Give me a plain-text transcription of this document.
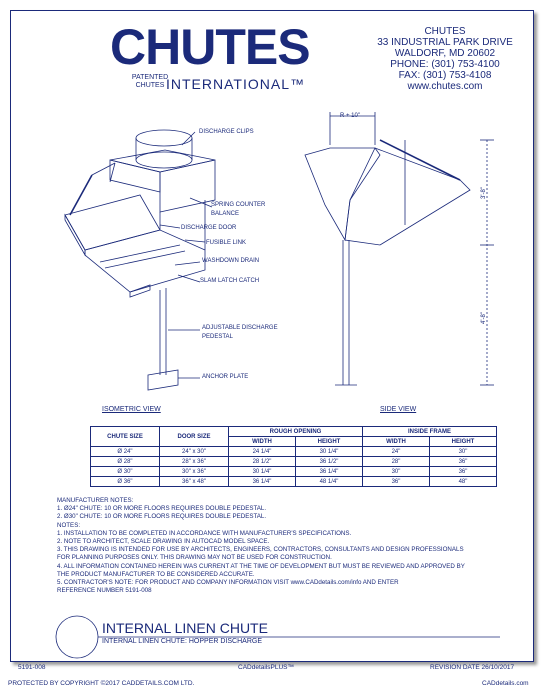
CHUTES
PATENTED
CHUTES INTERNATIONAL™
CHUTES
33 INDUSTRIAL PARK DRIVE
WALDORF, MD 20602
PHONE: (301) 753-4100
FAX: (301) 753-4108
www.chutes.com
DISCHARGE CLIPS
SPRING COUNTER
BALANCE
DISCHARGE DOOR
FUSIBLE LINK
WASHDOWN DRAIN
SLAM LATCH CATCH
ADJUSTABLE DISCHARGE
PEDESTAL
ANCHOR PLATE
R + 10"
3'-8"
4'-8"
ISOMETRIC VIEW	SIDE VIEW
CHUTE SIZE	DOOR SIZE	ROUGH OPENING		INSIDE FRAME	
		WIDTH	HEIGHT	WIDTH	HEIGHT
Ø 24"	24" x 30"	24 1/4"	30 1/4"	24"	30"
Ø 28"	28" x 36"	28 1/2"	36 1/2"	28"	36"
Ø 30"	30" x 36"	30 1/4"	36 1/4"	30"	36"
Ø 36"	36" x 48"	36 1/4"	48 1/4"	36"	48"
MANUFACTURER NOTES:
1. Ø24" CHUTE: 10 OR MORE FLOORS REQUIRES DOUBLE PEDESTAL.
2. Ø30" CHUTE: 10 OR MORE FLOORS REQUIRES DOUBLE PEDESTAL.
NOTES:
1. INSTALLATION TO BE COMPLETED IN ACCORDANCE WITH MANUFACTURER'S SPECIFICATIONS.
2. NOTE TO ARCHITECT, SCALE DRAWING IN AUTOCAD MODEL SPACE.
3. THIS DRAWING IS INTENDED FOR USE BY ARCHITECTS, ENGINEERS, CONTRACTORS, CONSULTANTS AND DESIGN PROFESSIONALS
FOR PLANNING PURPOSES ONLY. THIS DRAWING MAY NOT BE USED FOR CONSTRUCTION.
4. ALL INFORMATION CONTAINED HEREIN WAS CURRENT AT THE TIME OF DEVELOPMENT BUT MUST BE REVIEWED AND APPROVED BY
THE PRODUCT MANUFACTURER TO BE CONSIDERED ACCURATE.
5. CONTRACTOR'S NOTE: FOR PRODUCT AND COMPANY INFORMATION VISIT www.CADdetails.com/info AND ENTER
REFERENCE NUMBER 5191-008
INTERNAL LINEN CHUTE
INTERNAL LINEN CHUTE: HOPPER DISCHARGE
5191-008	CADdetailsPLUS™	REVISION DATE 26/10/2017
PROTECTED BY COPYRIGHT ©2017 CADDETAILS.COM LTD.	CADdetails.com
